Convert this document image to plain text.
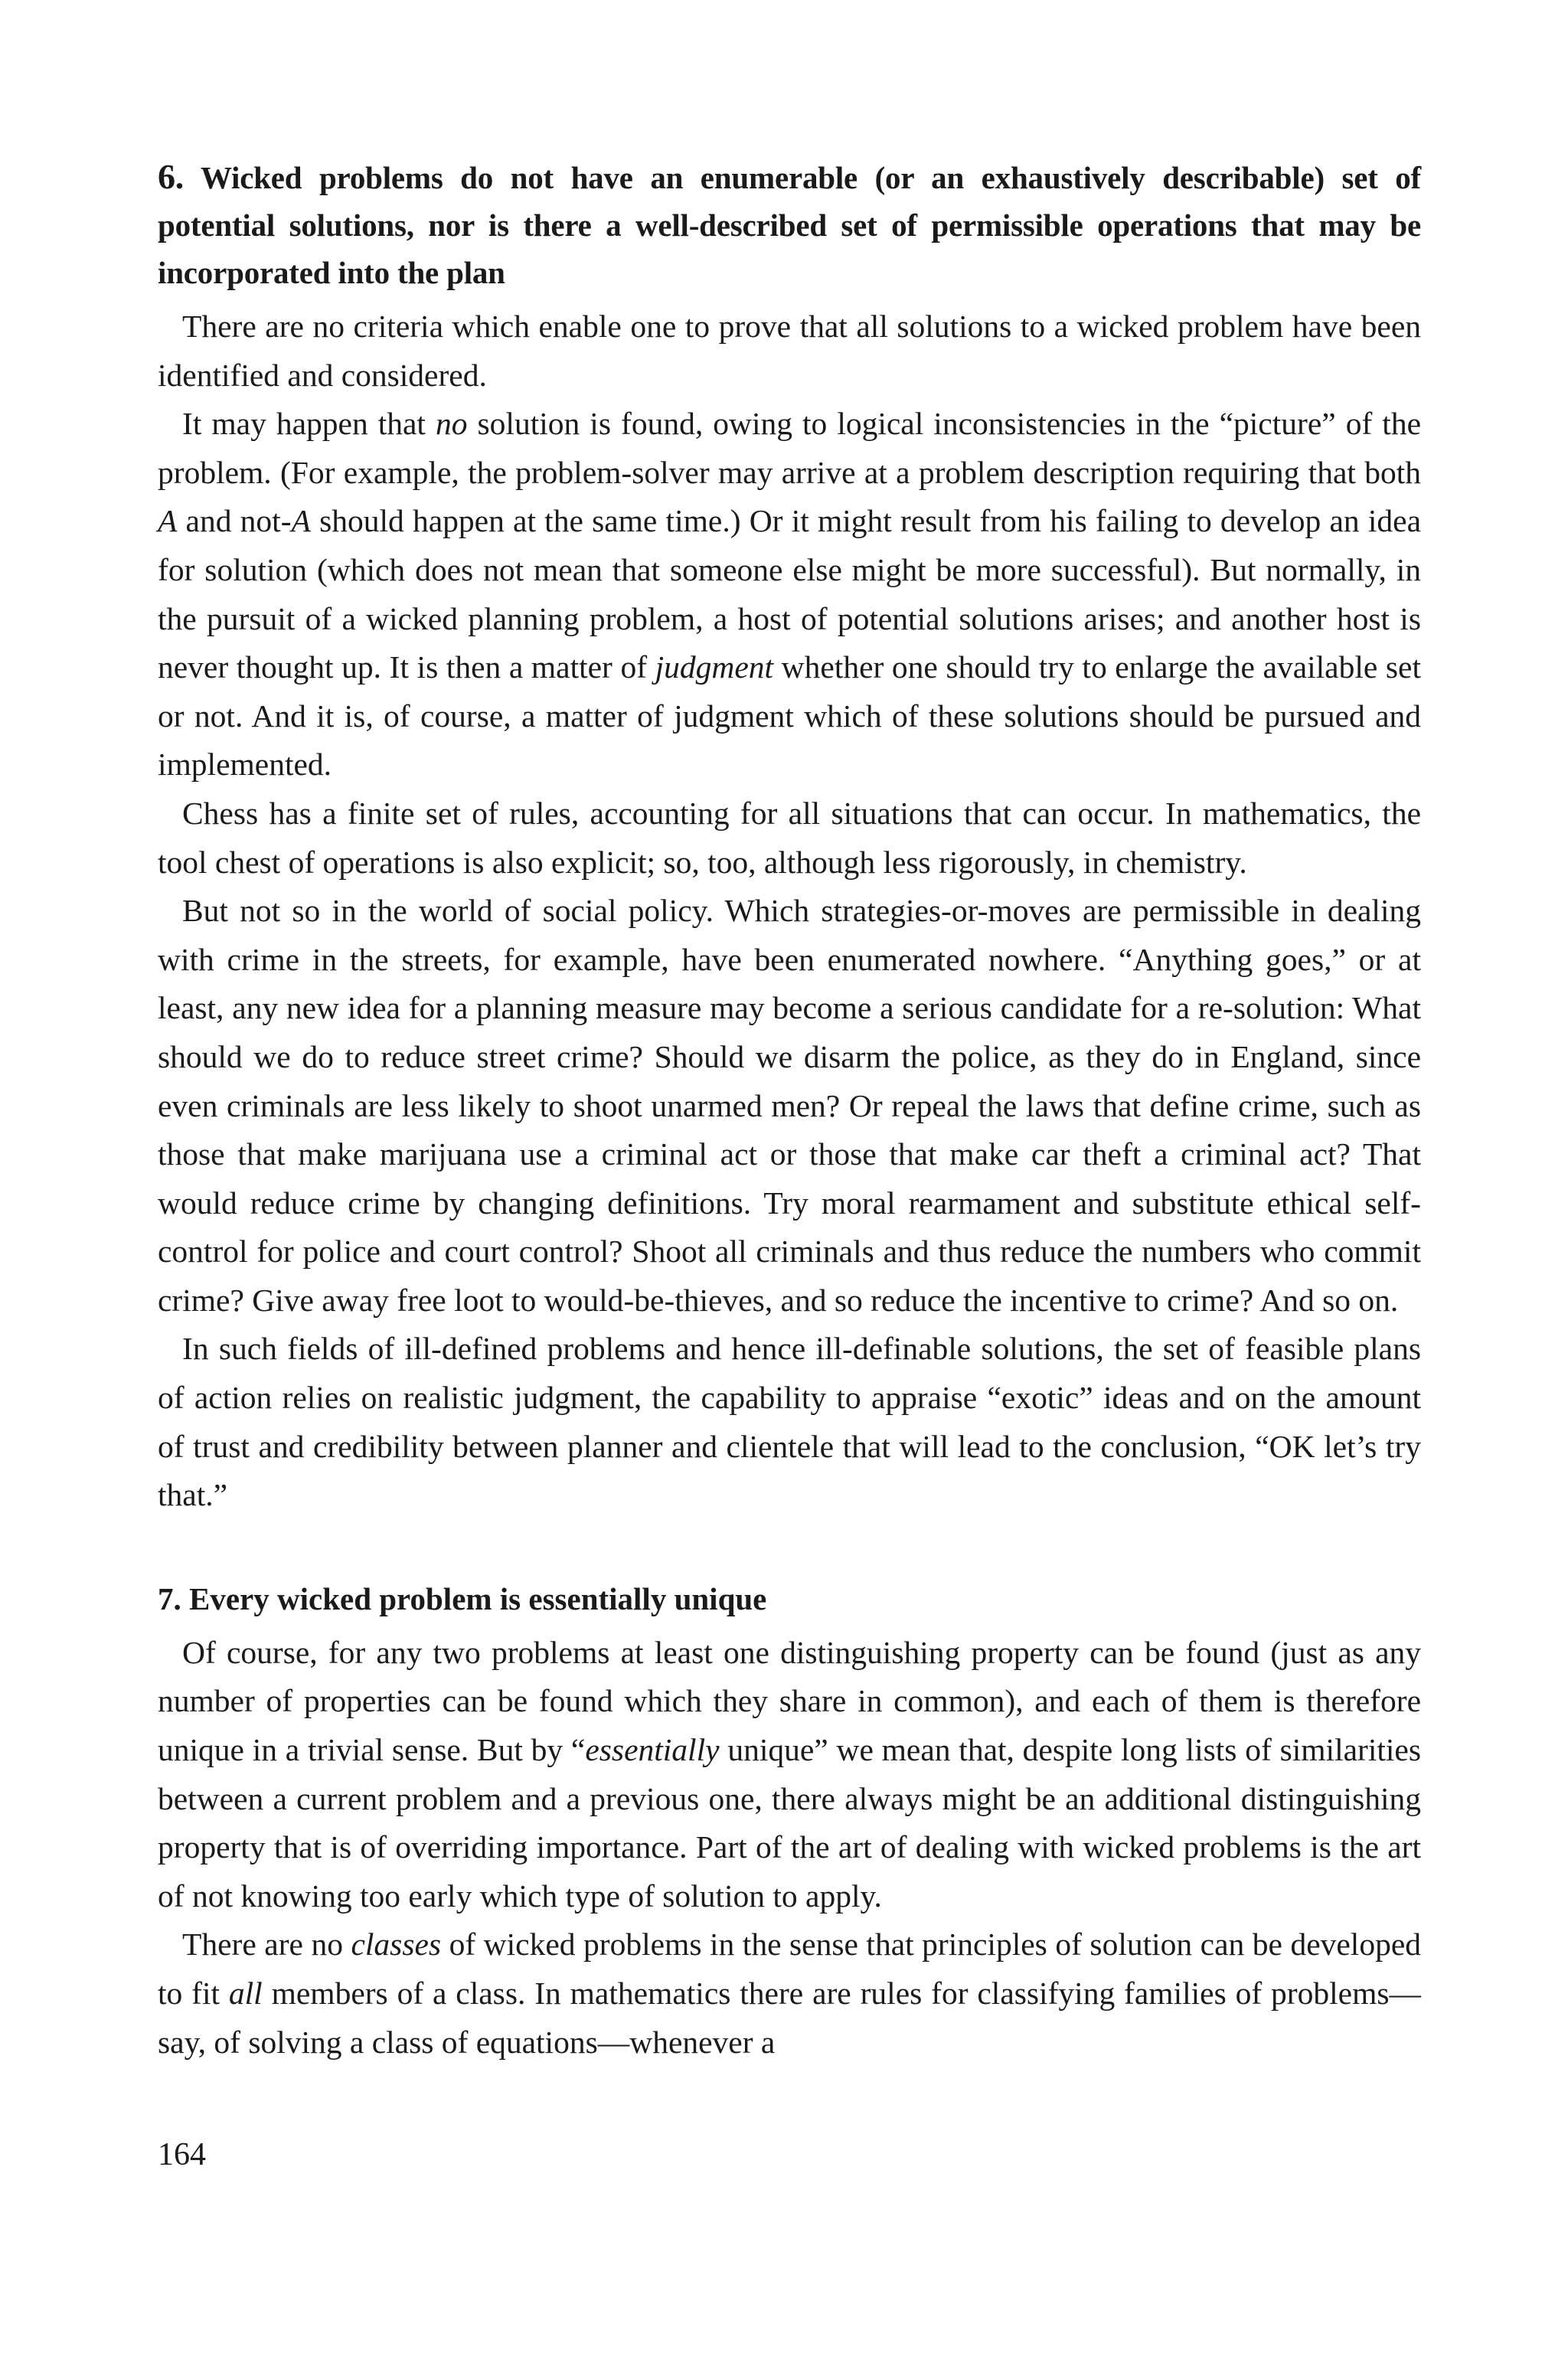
6. Wicked problems do not have an enumerable (or an exhaustively describable) set of potential solutions, nor is there a well-described set of permissible operations that may be incorporated into the plan

There are no criteria which enable one to prove that all solutions to a wicked problem have been identified and considered.

It may happen that no solution is found, owing to logical inconsistencies in the “picture” of the problem. (For example, the problem-solver may arrive at a problem description requiring that both A and not-A should happen at the same time.) Or it might result from his failing to develop an idea for solution (which does not mean that someone else might be more successful). But normally, in the pursuit of a wicked planning problem, a host of potential solutions arises; and another host is never thought up. It is then a matter of judgment whether one should try to enlarge the available set or not. And it is, of course, a matter of judgment which of these solutions should be pursued and implemented.

Chess has a finite set of rules, accounting for all situations that can occur. In mathematics, the tool chest of operations is also explicit; so, too, although less rigorously, in chemistry.

But not so in the world of social policy. Which strategies-or-moves are permissible in dealing with crime in the streets, for example, have been enumerated nowhere. “Anything goes,” or at least, any new idea for a planning measure may become a serious candidate for a re-solution: What should we do to reduce street crime? Should we disarm the police, as they do in England, since even criminals are less likely to shoot unarmed men? Or repeal the laws that define crime, such as those that make marijuana use a criminal act or those that make car theft a criminal act? That would reduce crime by changing definitions. Try moral rearmament and substitute ethical self-control for police and court control? Shoot all criminals and thus reduce the numbers who commit crime? Give away free loot to would-be-thieves, and so reduce the incentive to crime? And so on.

In such fields of ill-defined problems and hence ill-definable solutions, the set of feasible plans of action relies on realistic judgment, the capability to appraise “exotic” ideas and on the amount of trust and credibility between planner and clientele that will lead to the conclusion, “OK let’s try that.”

7. Every wicked problem is essentially unique

Of course, for any two problems at least one distinguishing property can be found (just as any number of properties can be found which they share in common), and each of them is therefore unique in a trivial sense. But by “essentially unique” we mean that, despite long lists of similarities between a current problem and a previous one, there always might be an additional distinguishing property that is of overriding importance. Part of the art of dealing with wicked problems is the art of not knowing too early which type of solution to apply.

There are no classes of wicked problems in the sense that principles of solution can be developed to fit all members of a class. In mathematics there are rules for classifying families of problems—say, of solving a class of equations—whenever a

164
